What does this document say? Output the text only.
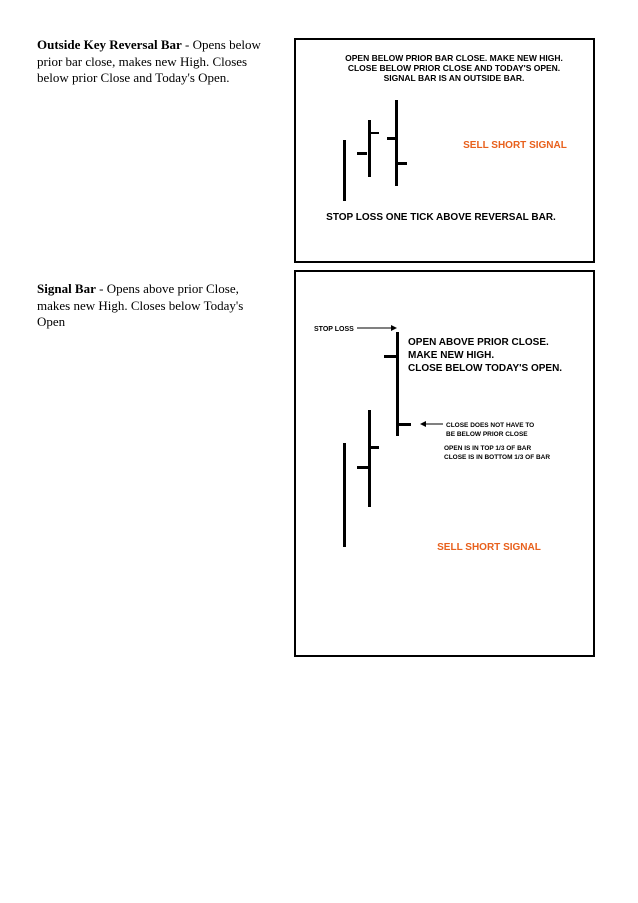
Outside Key Reversal Bar - Opens below prior bar close, makes new High. Closes below prior Close and Today's Open.
OPEN BELOW PRIOR BAR CLOSE. MAKE NEW HIGH.
CLOSE BELOW PRIOR CLOSE AND TODAY'S OPEN.
SIGNAL BAR IS AN OUTSIDE BAR.
SELL SHORT SIGNAL
STOP LOSS ONE TICK ABOVE REVERSAL BAR.
Signal Bar - Opens above prior Close, makes new High. Closes below Today's Open
STOP LOSS
OPEN ABOVE PRIOR CLOSE.
MAKE NEW HIGH.
CLOSE BELOW TODAY'S OPEN.
CLOSE DOES NOT HAVE TO
BE BELOW PRIOR CLOSE
OPEN IS IN TOP 1/3 OF BAR
CLOSE IS IN BOTTOM 1/3 OF BAR
SELL SHORT SIGNAL
